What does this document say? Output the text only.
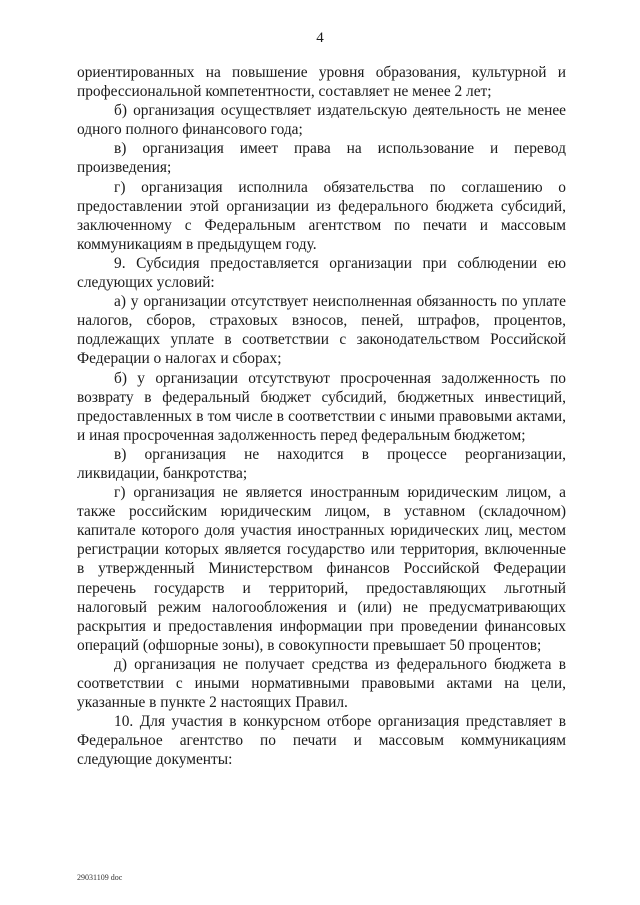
4

ориентированных на повышение уровня образования, культурной и профессиональной компетентности, составляет не менее 2 лет;

б) организация осуществляет издательскую деятельность не менее одного полного финансового года;

в) организация имеет права на использование и перевод произведения;

г) организация исполнила обязательства по соглашению о предоставлении этой организации из федерального бюджета субсидий, заключенному с Федеральным агентством по печати и массовым коммуникациям в предыдущем году.

9. Субсидия предоставляется организации при соблюдении ею следующих условий:

а) у организации отсутствует неисполненная обязанность по уплате налогов, сборов, страховых взносов, пеней, штрафов, процентов, подлежащих уплате в соответствии с законодательством Российской Федерации о налогах и сборах;

б) у организации отсутствуют просроченная задолженность по возврату в федеральный бюджет субсидий, бюджетных инвестиций, предоставленных в том числе в соответствии с иными правовыми актами, и иная просроченная задолженность перед федеральным бюджетом;

в) организация не находится в процессе реорганизации, ликвидации, банкротства;

г) организация не является иностранным юридическим лицом, а также российским юридическим лицом, в уставном (складочном) капитале которого доля участия иностранных юридических лиц, местом регистрации которых является государство или территория, включенные в утвержденный Министерством финансов Российской Федерации перечень государств и территорий, предоставляющих льготный налоговый режим налогообложения и (или) не предусматривающих раскрытия и предоставления информации при проведении финансовых операций (офшорные зоны), в совокупности превышает 50 процентов;

д) организация не получает средства из федерального бюджета в соответствии с иными нормативными правовыми актами на цели, указанные в пункте 2 настоящих Правил.

10. Для участия в конкурсном отборе организация представляет в Федеральное агентство по печати и массовым коммуникациям следующие документы:

29031109 doc
